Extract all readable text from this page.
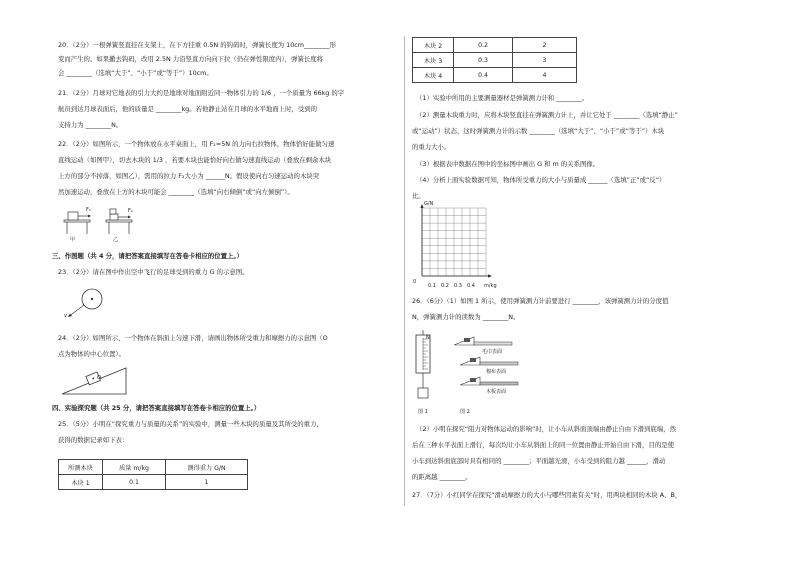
20．（2分）一根弹簧竖直挂在支架上，在下方挂重 0.5N 的钩码时，弹簧长度为 10cm________形
变而产生的。如果撤去钩码，改用 2.5N 力沿竖直方向向下拉（仍在弹性限度内），弹簧长度将
会 ________（选填“大于”、“小于”或“等于”）10cm。
21．（2分）月球对它地表的引力大约是地球对地面附近同一物体引力的 1/6 ，一个质量为 66kg 的宇
航员到达月球表面后，他的质量是 ________kg。若他静止站在月球的水平地面上时，受到的
支持力为 ________N。
22．（2分）如图所示，一个物体放在水平桌面上，用 F₁=5N 的力向右拉物体，物体恰好能做匀速
直线运动（如图甲），切去木块的 1/3 ，若要木块也能恰好向右做匀速直线运动（叠放在剩余木块
上方的部分不掉落，如图乙），需用的拉力 F₂大小为 ______N。假设使向右匀速运动的木块突
然加速运动，叠放在上方的木块可能会 ________（选填“向右倾倒”或“向左倾倒”）。
F₁	F₂
甲	乙
三、作图题（共 4 分，请把答案直接填写在答卷卡相应的位置上。）
23．（2分）请在图中作出空中飞行的足球受到的重力 G 的示意图。
v
24．（2分）如图所示，一个物体在斜面上匀速下滑，请画出物体所受重力和摩擦力的示意图（O
点为物体的中心位置）。
O
四、实验探究题（共 25 分，请把答案直接填写在答卷卡相应的位置上。）
25．（5分）小明在“探究重力与质量的关系”的实验中，测量一些木块的质量及其所受的重力，
获得的数据记录如下表：
所测木块	质量 m/kg	测得重力 G/N
木块 1	0.1	1
木块 2	0.2	2
木块 3	0.3	3
木块 4	0.4	4
（1）实验中所用的主要测量器材是弹簧测力计和 ________。
（2）测量木块重力时，应将木块竖直挂在弹簧测力计上，并让它处于 ________（选填“静止”
或“运动”）状态，这时弹簧测力计的示数 ________（选填“大于”、“小于”或“等于”）木块
的重力大小。
（3）根据表中数据在图中的坐标图中画出 G 和 m 的关系图像。
（4）分析上面实验数据可知，物体所受重力的大小与质量成 ______（选填“正”或“反”）
比。
G/N
0
0.1 0.2 0.3 0.4 m/kg
26．（6分）（1）如图 1 所示，使用弹簧测力计前要进行 ________，该弹簧测力计的分度值
N，弹簧测力计的读数为 ________N。
N
毛巾表面
棉布表面
木板表面
图 1	图 2
（2）小明在探究“阻力对物体运动的影响”时，让小车从斜面顶端由静止自由下滑到底端，然
后在三种水平表面上滑行，每次均让小车从斜面上的同一位置由静止开始自由下滑，目的是使
小车到达斜面底部时具有相同的 ________；平面越光滑，小车受到的阻力越 ______，滑动
的距离越 ________。
27．（7分）小红同学在探究“滑动摩擦力的大小与哪些因素有关”时，用两块相同的木块 A、B，
